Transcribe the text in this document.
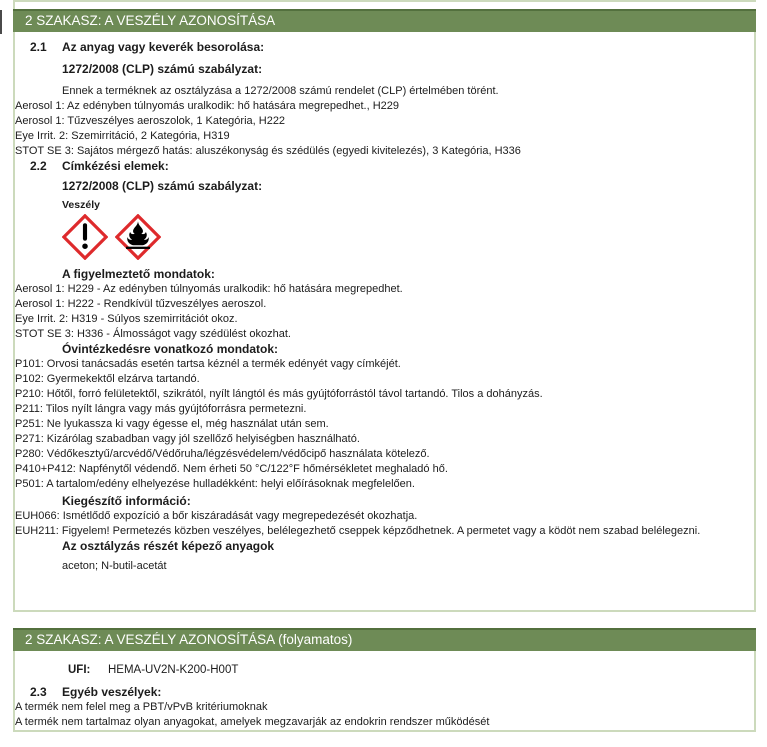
2 SZAKASZ: A VESZÉLY AZONOSÍTÁSA
2.1	Az anyag vagy keverék besorolása:
1272/2008 (CLP) számú szabályzat:
Ennek a terméknek az osztályzása a 1272/2008 számú rendelet (CLP) értelmében törént.
Aerosol 1: Az edényben túlnyomás uralkodik: hő hatására megrepedhet., H229
Aerosol 1: Tűzveszélyes aeroszolok, 1 Kategória, H222
Eye Irrit. 2: Szemirritáció, 2 Kategória, H319
STOT SE 3: Sajátos mérgező hatás: aluszékonyság és szédülés (egyedi kivitelezés), 3 Kategória, H336
2.2	Címkézési elemek:
1272/2008 (CLP) számú szabályzat:
Veszély
A figyelmeztető mondatok:
Aerosol 1: H229 - Az edényben túlnyomás uralkodik: hő hatására megrepedhet.
Aerosol 1: H222 - Rendkívül tűzveszélyes aeroszol.
Eye Irrit. 2: H319 - Súlyos szemirritációt okoz.
STOT SE 3: H336 - Álmosságot vagy szédülést okozhat.
Óvintézkedésre vonatkozó mondatok:
P101: Orvosi tanácsadás esetén tartsa kéznél a termék edényét vagy címkéjét.
P102: Gyermekektől elzárva tartandó.
P210: Hőtől, forró felületektől, szikrától, nyílt lángtól és más gyújtóforrástól távol tartandó. Tilos a dohányzás.
P211: Tilos nyílt lángra vagy más gyújtóforrásra permetezni.
P251: Ne lyukassza ki vagy égesse el, még használat után sem.
P271: Kizárólag szabadban vagy jól szellőző helyiségben használható.
P280: Védőkesztyű/arcvédő/Védőruha/légzésvédelem/védőcipő használata kötelező.
P410+P412: Napfénytől védendő. Nem érheti 50 °C/122°F hőmérsékletet meghaladó hő.
P501: A tartalom/edény elhelyezése hulladékként: helyi előírásoknak megfelelően.
Kiegészítő információ:
EUH066: Ismétlődő expozíció a bőr kiszáradását vagy megrepedezését okozhatja.
EUH211: Figyelem! Permetezés közben veszélyes, belélegezhető cseppek képződhetnek. A permetet vagy a ködöt nem szabad belélegezni.
Az osztályzás részét képező anyagok
aceton; N-butil-acetát
2 SZAKASZ: A VESZÉLY AZONOSÍTÁSA (folyamatos)
UFI:	HEMA-UV2N-K200-H00T
2.3	Egyéb veszélyek:
A termék nem felel meg a PBT/vPvB kritériumoknak
A termék nem tartalmaz olyan anyagokat, amelyek megzavarják az endokrin rendszer működését
